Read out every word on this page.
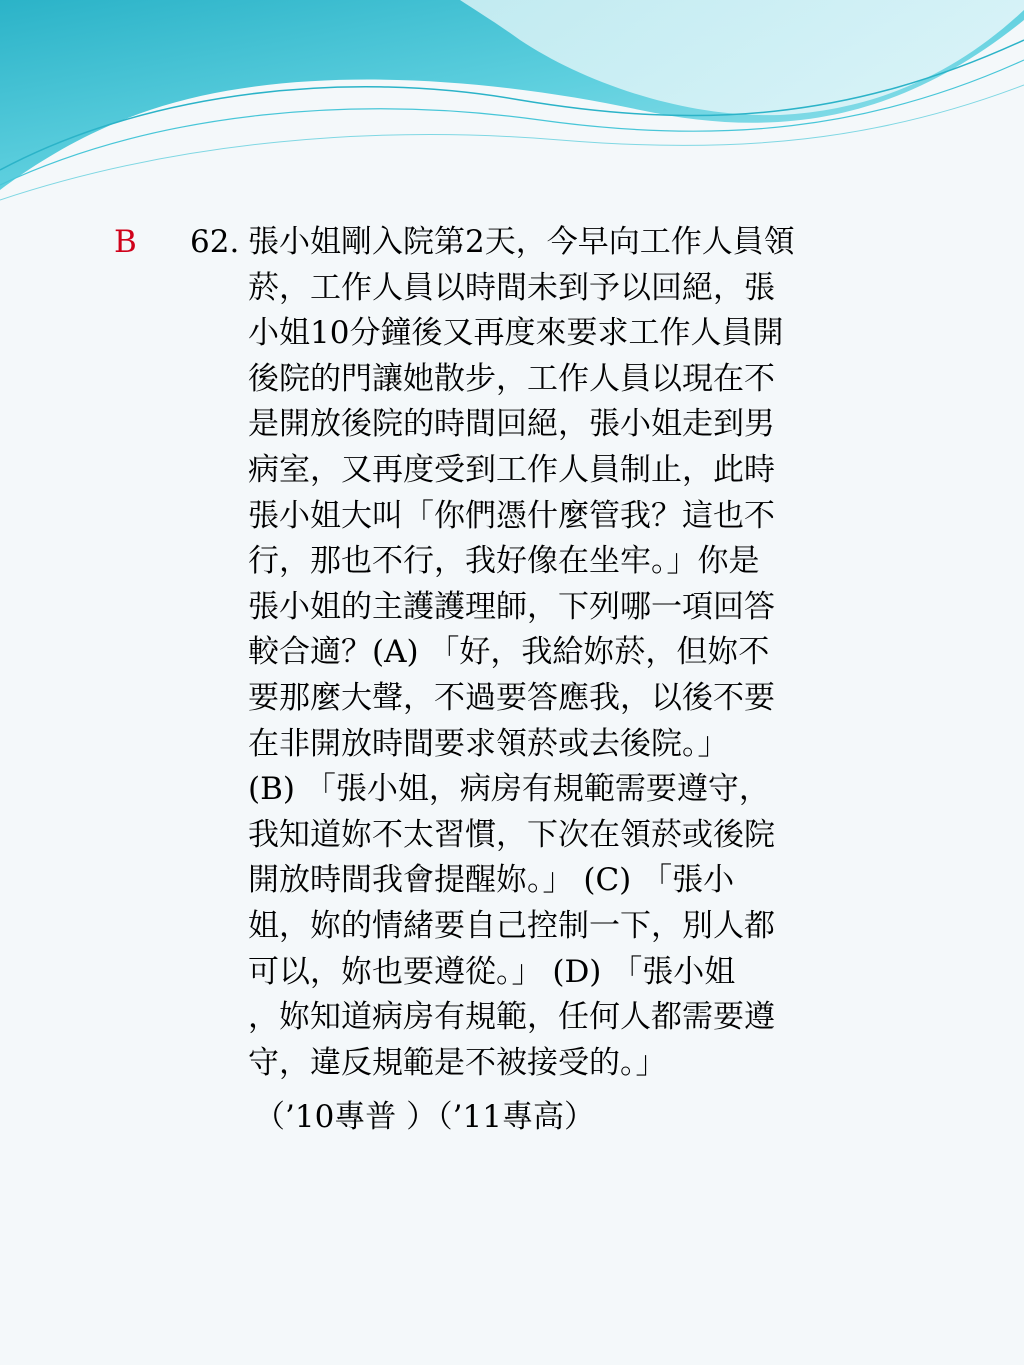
B 62. 張小姐剛入院第2天，今早向工作人員領
菸，工作人員以時間未到予以回絕，張
小姐10分鐘後又再度來要求工作人員開
後院的門讓她散步，工作人員以現在不
是開放後院的時間回絕，張小姐走到男
病室，又再度受到工作人員制止，此時
張小姐大叫「你們憑什麼管我？這也不
行，那也不行，我好像在坐牢。」你是
張小姐的主護護理師，下列哪一項回答
較合適？(A) 「好，我給妳菸，但妳不
要那麼大聲，不過要答應我，以後不要
在非開放時間要求領菸或去後院。」
(B) 「張小姐，病房有規範需要遵守，
我知道妳不太習慣，下次在領菸或後院
開放時間我會提醒妳。」 (C) 「張小
姐，妳的情緒要自己控制一下，別人都
可以，妳也要遵從。」 (D) 「張小姐
，妳知道病房有規範，任何人都需要遵
守，違反規範是不被接受的。」
（’10專普 ）（’11專高）
